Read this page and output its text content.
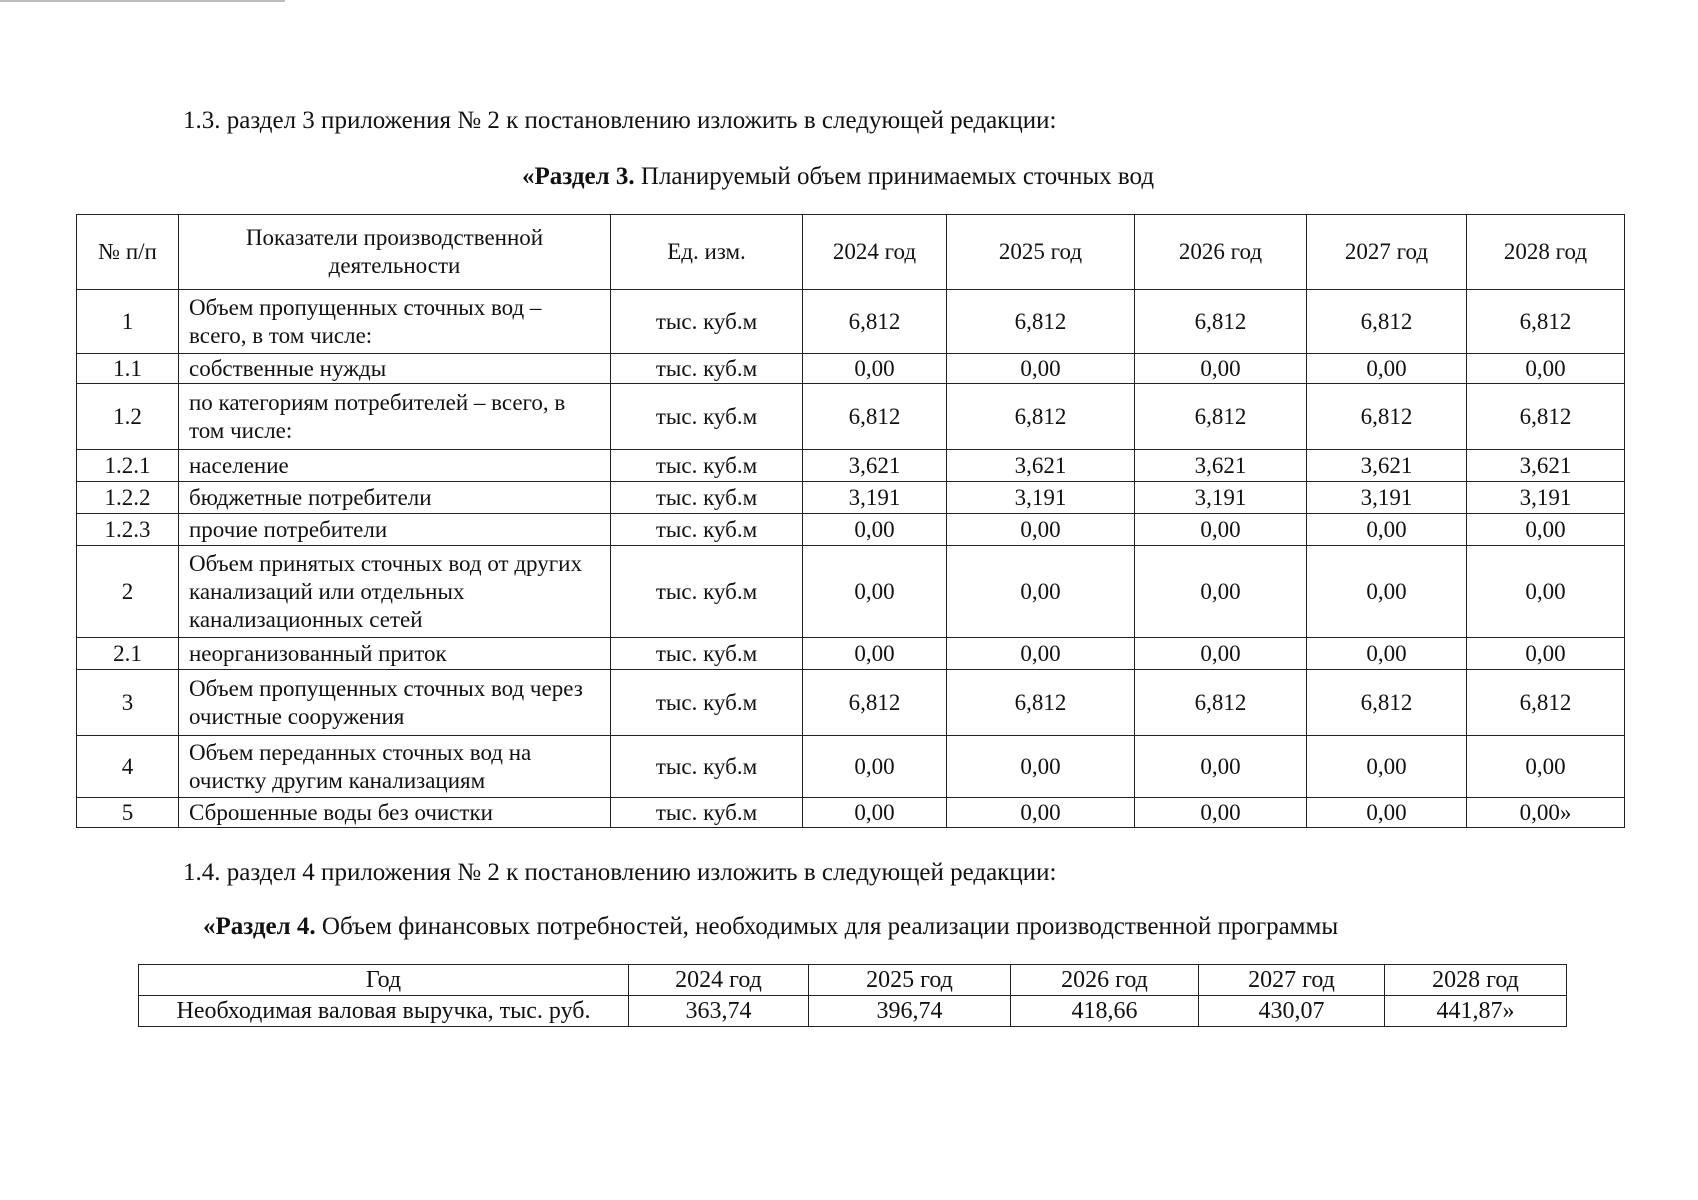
1.3. раздел 3 приложения № 2 к постановлению изложить в следующей редакции:
«Раздел 3. Планируемый объем принимаемых сточных вод
№ п/п	Показатели производственной деятельности	Ед. изм.	2024 год	2025 год	2026 год	2027 год	2028 год
1	Объем пропущенных сточных вод – всего, в том числе:	тыс. куб.м	6,812	6,812	6,812	6,812	6,812
1.1	собственные нужды	тыс. куб.м	0,00	0,00	0,00	0,00	0,00
1.2	по категориям потребителей – всего, в том числе:	тыс. куб.м	6,812	6,812	6,812	6,812	6,812
1.2.1	население	тыс. куб.м	3,621	3,621	3,621	3,621	3,621
1.2.2	бюджетные потребители	тыс. куб.м	3,191	3,191	3,191	3,191	3,191
1.2.3	прочие потребители	тыс. куб.м	0,00	0,00	0,00	0,00	0,00
2	Объем принятых сточных вод от других канализаций или отдельных канализационных сетей	тыс. куб.м	0,00	0,00	0,00	0,00	0,00
2.1	неорганизованный приток	тыс. куб.м	0,00	0,00	0,00	0,00	0,00
3	Объем пропущенных сточных вод через очистные сооружения	тыс. куб.м	6,812	6,812	6,812	6,812	6,812
4	Объем переданных сточных вод на очистку другим канализациям	тыс. куб.м	0,00	0,00	0,00	0,00	0,00
5	Сброшенные воды без очистки	тыс. куб.м	0,00	0,00	0,00	0,00	0,00»
1.4. раздел 4 приложения № 2 к постановлению изложить в следующей редакции:
«Раздел 4. Объем финансовых потребностей, необходимых для реализации производственной программы
Год	2024 год	2025 год	2026 год	2027 год	2028 год
Необходимая валовая выручка, тыс. руб.	363,74	396,74	418,66	430,07	441,87»
